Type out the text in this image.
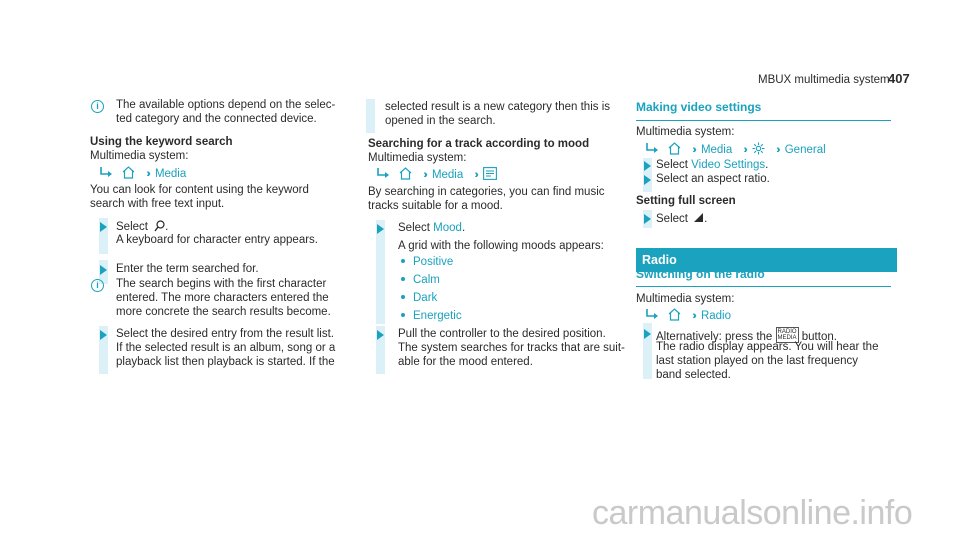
MBUX multimedia system
407
i	The available options depend on the selec-
ted category and the connected device.
Using the keyword search
Multimedia system:
›› Media
You can look for content using the keyword
search with free text input.
Select .
A keyboard for character entry appears.
Enter the term searched for.
i	The search begins with the first character
entered. The more characters entered the
more concrete the search results become.
Select the desired entry from the result list.
If the selected result is an album, song or a
playback list then playback is started. If the
selected result is a new category then this is
opened in the search.
Searching for a track according to mood
Multimedia system:
›› Media ››
By searching in categories, you can find music
tracks suitable for a mood.
Select Mood.
A grid with the following moods appears:
Positive
Calm
Dark
Energetic
Pull the controller to the desired position.
The system searches for tracks that are suit-
able for the mood entered.
Making video settings
Multimedia system:
›› Media ››	›› General
Select Video Settings.
Select an aspect ratio.
Setting full screen
Select .
Radio
Switching on the radio
Multimedia system:
›› Radio
Alternatively: press the RADIO
MEDIA button.
The radio display appears. You will hear the
last station played on the last frequency
band selected.
carmanualsonline.info
